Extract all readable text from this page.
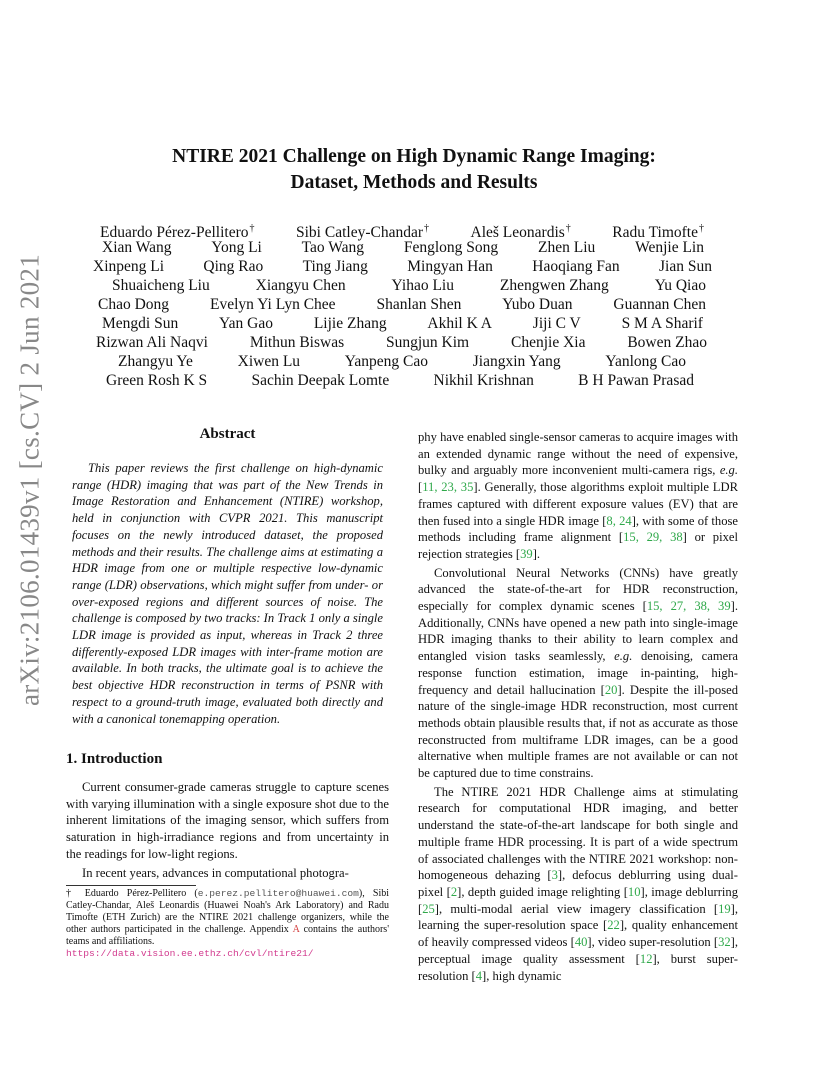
arXiv:2106.01439v1 [cs.CV] 2 Jun 2021
NTIRE 2021 Challenge on High Dynamic Range Imaging:
Dataset, Methods and Results
Eduardo Pérez-Pellitero†	Sibi Catley-Chandar†	Aleš Leonardis†	Radu Timofte†
Xian Wang	Yong Li	Tao Wang	Fenglong Song	Zhen Liu	Wenjie Lin
Xinpeng Li	Qing Rao	Ting Jiang	Mingyan Han	Haoqiang Fan	Jian Sun
Shuaicheng Liu	Xiangyu Chen	Yihao Liu	Zhengwen Zhang	Yu Qiao
Chao Dong	Evelyn Yi Lyn Chee	Shanlan Shen	Yubo Duan	Guannan Chen
Mengdi Sun	Yan Gao	Lijie Zhang	Akhil K A	Jiji C V	S M A Sharif
Rizwan Ali Naqvi	Mithun Biswas	Sungjun Kim	Chenjie Xia	Bowen Zhao
Zhangyu Ye	Xiwen Lu	Yanpeng Cao	Jiangxin Yang	Yanlong Cao
Green Rosh K S	Sachin Deepak Lomte	Nikhil Krishnan	B H Pawan Prasad
Abstract

This paper reviews the first challenge on high-dynamic range (HDR) imaging that was part of the New Trends in Image Restoration and Enhancement (NTIRE) workshop, held in conjunction with CVPR 2021. This manuscript focuses on the newly introduced dataset, the proposed methods and their results. The challenge aims at estimating a HDR image from one or multiple respective low-dynamic range (LDR) observations, which might suffer from under- or over-exposed regions and different sources of noise. The challenge is composed by two tracks: In Track 1 only a single LDR image is provided as input, whereas in Track 2 three differently-exposed LDR images with inter-frame motion are available. In both tracks, the ultimate goal is to achieve the best objective HDR reconstruction in terms of PSNR with respect to a ground-truth image, evaluated both directly and with a canonical tonemapping operation.

1. Introduction

Current consumer-grade cameras struggle to capture scenes with varying illumination with a single exposure shot due to the inherent limitations of the imaging sensor, which suffers from saturation in high-irradiance regions and from uncertainty in the readings for low-light regions.

In recent years, advances in computational photogra-

† Eduardo Pérez-Pellitero (e.perez.pellitero@huawei.com), Sibi Catley-Chandar, Aleš Leonardis (Huawei Noah's Ark Laboratory) and Radu Timofte (ETH Zurich) are the NTIRE 2021 challenge organizers, while the other authors participated in the challenge. Appendix A contains the authors' teams and affiliations.
https://data.vision.ee.ethz.ch/cvl/ntire21/

phy have enabled single-sensor cameras to acquire images with an extended dynamic range without the need of expensive, bulky and arguably more inconvenient multi-camera rigs, e.g. [11, 23, 35]. Generally, those algorithms exploit multiple LDR frames captured with different exposure values (EV) that are then fused into a single HDR image [8, 24], with some of those methods including frame alignment [15, 29, 38] or pixel rejection strategies [39].

Convolutional Neural Networks (CNNs) have greatly advanced the state-of-the-art for HDR reconstruction, especially for complex dynamic scenes [15, 27, 38, 39]. Additionally, CNNs have opened a new path into single-image HDR imaging thanks to their ability to learn complex and entangled vision tasks seamlessly, e.g. denoising, camera response function estimation, image in-painting, high-frequency and detail hallucination [20]. Despite the ill-posed nature of the single-image HDR reconstruction, most current methods obtain plausible results that, if not as accurate as those reconstructed from multiframe LDR images, can be a good alternative when multiple frames are not available or can not be captured due to time constrains.

The NTIRE 2021 HDR Challenge aims at stimulating research for computational HDR imaging, and better understand the state-of-the-art landscape for both single and multiple frame HDR processing. It is part of a wide spectrum of associated challenges with the NTIRE 2021 workshop: non-homogeneous dehazing [3], defocus deblurring using dual-pixel [2], depth guided image relighting [10], image deblurring [25], multi-modal aerial view imagery classification [19], learning the super-resolution space [22], quality enhancement of heavily compressed videos [40], video super-resolution [32], perceptual image quality assessment [12], burst super-resolution [4], high dynamic
